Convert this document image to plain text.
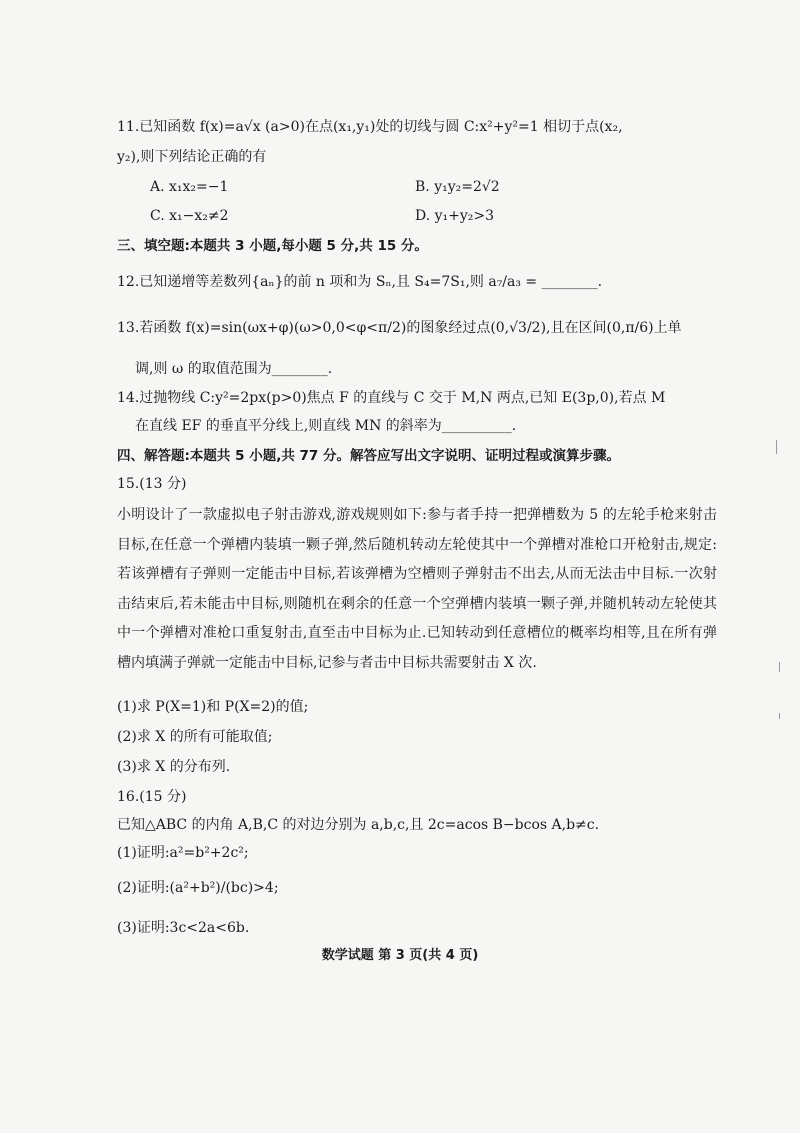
11.已知函数 f(x)=a√x (a>0)在点(x₁,y₁)处的切线与圆 C:x²+y²=1 相切于点(x₂,
y₂),则下列结论正确的有
A. x₁x₂=−1	B. y₁y₂=2√2
C. x₁−x₂≠2	D. y₁+y₂>3
三、填空题:本题共 3 小题,每小题 5 分,共 15 分。
12.已知递增等差数列{aₙ}的前 n 项和为 Sₙ,且 S₄=7S₁,则 a₇/a₃ = ________.
13.若函数 f(x)=sin(ωx+φ)(ω>0,0<φ<π/2)的图象经过点(0,√3/2),且在区间(0,π/6)上单
调,则 ω 的取值范围为________.
14.过抛物线 C:y²=2px(p>0)焦点 F 的直线与 C 交于 M,N 两点,已知 E(3p,0),若点 M
在直线 EF 的垂直平分线上,则直线 MN 的斜率为__________.
四、解答题:本题共 5 小题,共 77 分。解答应写出文字说明、证明过程或演算步骤。
15.(13 分)
小明设计了一款虚拟电子射击游戏,游戏规则如下:参与者手持一把弹槽数为 5 的左轮手枪来射击目标,在任意一个弹槽内装填一颗子弹,然后随机转动左轮使其中一个弹槽对准枪口开枪射击,规定:若该弹槽有子弹则一定能击中目标,若该弹槽为空槽则子弹射击不出去,从而无法击中目标.一次射击结束后,若未能击中目标,则随机在剩余的任意一个空弹槽内装填一颗子弹,并随机转动左轮使其中一个弹槽对准枪口重复射击,直至击中目标为止.已知转动到任意槽位的概率均相等,且在所有弹槽内填满子弹就一定能击中目标,记参与者击中目标共需要射击 X 次.
(1)求 P(X=1)和 P(X=2)的值;
(2)求 X 的所有可能取值;
(3)求 X 的分布列.
16.(15 分)
已知△ABC 的内角 A,B,C 的对边分别为 a,b,c,且 2c=acos B−bcos A,b≠c.
(1)证明:a²=b²+2c²;
(2)证明:(a²+b²)/(bc)>4;
(3)证明:3c<2a<6b.
数学试题 第 3 页(共 4 页)
